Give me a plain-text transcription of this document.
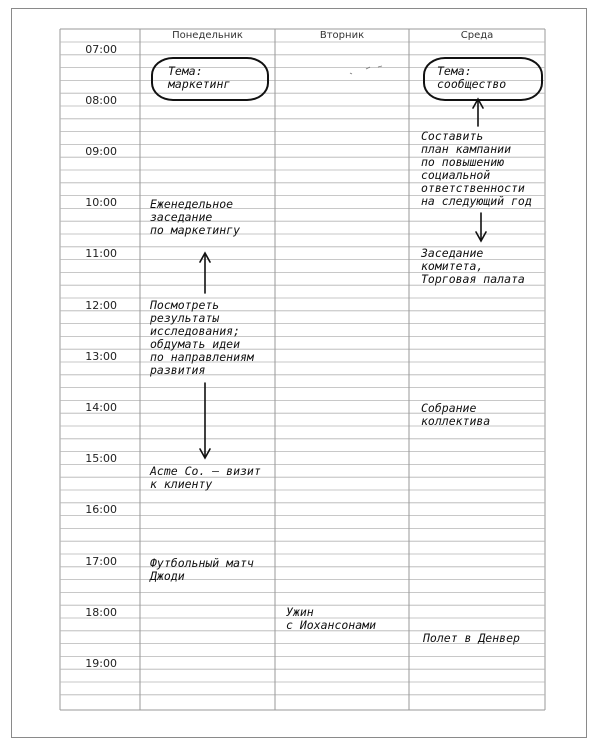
Понедельник	Вторник	Среда
Тема:
маркетинг
Тема:
сообщество
Еженедельное
заседание
по маркетингу
Посмотреть
результаты
исследования;
обдумать идеи
по направлениям
развития
Acme Co. – визит
к клиенту
Футбольный матч
Джоди
Ужин
с Иохансонами
Составить
план кампании
по повышению
социальной
ответственности
на следующий год
Заседание
комитета,
Торговая палата
Собрание
коллектива
Полет в Денвер
07:00
08:00
09:00
10:00
11:00
12:00
13:00
14:00
15:00
16:00
17:00
18:00
19:00
